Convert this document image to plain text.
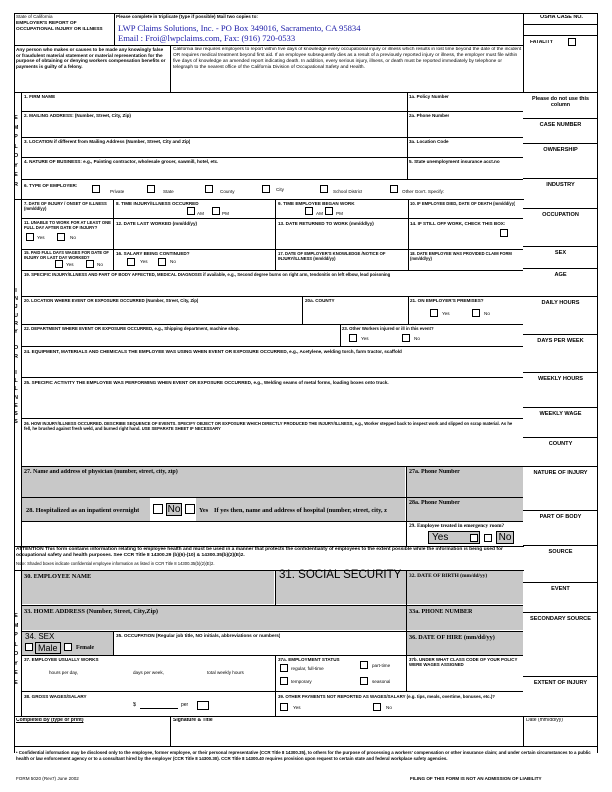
State of California
EMPLOYER'S REPORT OF OCCUPATIONAL INJURY OR ILLNESS
Please complete in triplicate (type if possible) Mail two copies to:
LWP Claims Solutions, Inc. - PO Box 349016, Sacramento, CA 95834
Email : Froi@lwpclaims.com, Fax: (916) 720-0533
OSHA CASE NO.
FATALITY
Any person who makes or causes to be made any knowingly false or fraudulent material statement or material representation for the purpose of obtaining or denying workers compensation benefits or payments is guilty of a felony.
California law requires employers to report within five days of knowledge every occupational injury or illness which results in lost time beyond the date of the incident OR requires medical treatment beyond first aid. If an employee subsequently dies as a result of a previously reported injury or illness, the employer must file within five days of knowledge an amended report indicating death. In addition, every serious injury, illness, or death must be reported immediately by telephone or telegraph to the nearest office of the California Division of Occupational Safety and Health.
E
M
P
L
O
Y
E
R
I
N
J
U
R
Y

O
R

I
L
L
N
E
S
S
E
M
P
L
O
Y
E
E
1. FIRM NAME	1a. Policy Number
2. MAILING ADDRESS: (Number, Street, City, Zip)	2a. Phone Number
3. LOCATION if different from Mailing Address (Number, Street, City and Zip)	3a. Location Code
4. NATURE OF BUSINESS: e.g., Painting contractor, wholesale grocer, sawmill, hotel, etc.	5. State unemployment insurance acct.no
6. TYPE OF EMPLOYER:
Private	State	County	City	School District	Other Gov't. Specify:
7. DATE OF INJURY / ONSET OF ILLNESS (mm/dd/yy)
8. TIME INJURY/ILLNESS OCCURRED
AM	PM
9. TIME EMPLOYEE BEGAN WORK
AM	PM
10. IF EMPLOYEE DIED, DATE OF DEATH (mm/dd/yy)
11. UNABLE TO WORK FOR AT LEAST ONE FULL DAY AFTER DATE OF INJURY?
Yes	No
12. DATE LAST WORKED (mm/dd/yy)	13. DATE RETURNED TO WORK (mm/dd/yy)	14. IF STILL OFF WORK, CHECK THIS BOX:
15. PAID FULL DAYS WAGES FOR DATE OF INJURY OR LAST DAY WORKED?
Yes	No
16. SALARY BEING CONTINUED?
Yes	No
17. DATE OF EMPLOYER'S KNOWLEDGE /NOTICE OF INJURY/ILLNESS (mm/dd/yy)
18. DATE EMPLOYEE WAS PROVIDED CLAIM FORM (mm/dd/yy)
19. SPECIFIC INJURY/ILLNESS AND PART OF BODY AFFECTED, MEDICAL DIAGNOSIS if available, e.g., Second degree burns on right arm, tendonitis on left elbow, lead poisoning
20. LOCATION WHERE EVENT OR EXPOSURE OCCURRED (Number, Street, City, Zip)	20a. COUNTY	21. ON EMPLOYER'S PREMISES?
Yes	No
22. DEPARTMENT WHERE EVENT OR EXPOSURE OCCURRED, e.g., Shipping department, machine shop.	23. Other Workers injured or ill in this event?
Yes	No
24. EQUIPMENT, MATERIALS AND CHEMICALS THE EMPLOYEE WAS USING WHEN EVENT OR EXPOSURE OCCURRED, e.g., Acetylene, welding torch, farm tractor, scaffold
25. SPECIFIC ACTIVITY THE EMPLOYEE WAS PERFORMING WHEN EVENT OR EXPOSURE OCCURRED, e.g., Welding seams of metal forms, loading boxes onto truck.
26. HOW INJURY/ILLNESS OCCURRED. DESCRIBE SEQUENCE OF EVENTS. SPECIFY OBJECT OR EXPOSURE WHICH DIRECTLY PRODUCED THE INJURY/ILLNESS, e.g., Worker stepped back to inspect work and slipped on scrap material. As he fell, he brushed against fresh weld, and burned right hand. USE SEPARATE SHEET IF NECESSARY
27. Name and address of physician (number, street, city, zip)	27a. Phone Number
28. Hospitalized as an inpatient overnight	No	Yes If yes then, name and address of hospital (number, street, city, z
28a. Phone Number
29. Employee treated in emergency room?
Yes	No
ATTENTION This form contains information relating to employee health and must be used in a manner that protects the confidentiality of employees to the extent possible while the information is being used for occupational safety and health purposes. See CCR Title 8 14300.29 (b)(6)-(10) & 14300.35(b)(2)(E)2.
Note: Shaded boxes indicate confidential employee information as listed in CCR Title 8 14300.35(b)(2)(E)2.
30. EMPLOYEE NAME	31. SOCIAL SECURITY 32. DATE OF BIRTH (mm/dd/yy)
33. HOME ADDRESS (Number, Street, City,Zip)	33a. PHONE NUMBER
34. SEX
Male	Female
35. OCCUPATION (Regular job title, NO initials, abbreviations or numbers)	36. DATE OF HIRE (mm/dd/yy)
37. EMPLOYEE USUALLY WORKS
hours per day,	days per week,	total weekly hours
37a. EMPLOYMENT STATUS
regular, full-time
part-time
temporary	seasonal
37b. UNDER WHAT CLASS CODE OF YOUR POLICY WERE WAGES ASSIGNED
38. GROSS WAGES/SALARY
$	per
39. OTHER PAYMENTS NOT REPORTED AS WAGES/SALARY (e.g. tips, meals, overtime, bonuses, etc.)?
Yes	No
Completed By (type or print)	Signature & Title	Date (mm/dd/yy)
• Confidential information may be disclosed only to the employee, former employee, or their personal representative (CCR Title 8 14300.35), to others for the purpose of processing a workers' compensation or other insurance claim; and under certain circumstances to a public health or law enforcement agency or to a consultant hired by the employer (CCR Title 8 14300.30). CCR Title 8 14300.40 requires provision upon request to certain state and federal workplace safety agencies.
FORM 5020 (Rev7) June 2002	FILING OF THIS FORM IS NOT AN ADMISSION OF LIABILITY
Please do not use this column
CASE NUMBER
OWNERSHIP
INDUSTRY
OCCUPATION
SEX
AGE
DAILY HOURS
DAYS PER WEEK
WEEKLY HOURS
WEEKLY WAGE
COUNTY
NATURE OF INJURY
PART OF BODY
SOURCE
EVENT
SECONDARY SOURCE
EXTENT OF INJURY
